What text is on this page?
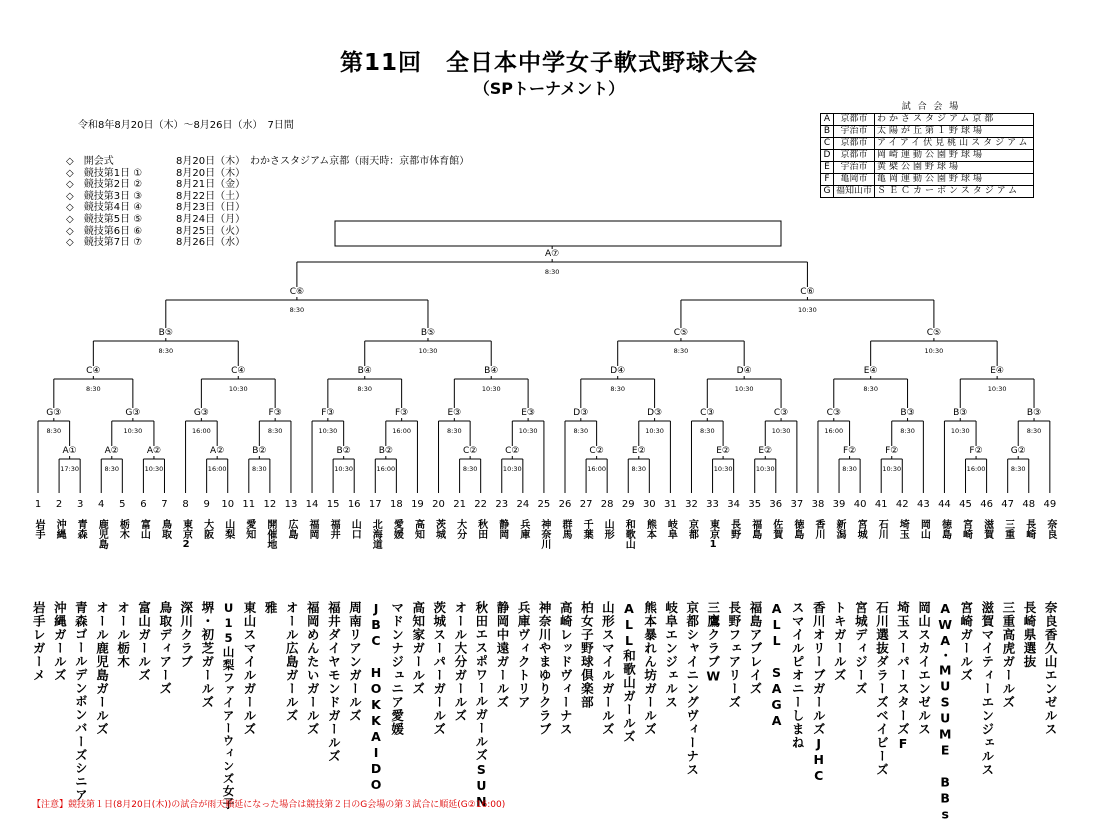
第11回　全日本中学女子軟式野球大会
（SPトーナメント）
令和8年8月20日（木）～8月26日（水）　7日間
◇　開会式	8月20日（木） わかさスタジアム京都（雨天時：京都市体育館）
◇　競技第1日 ①	8月20日（木）
◇　競技第2日 ②	8月21日（金）
◇　競技第3日 ③	8月22日（土）
◇　競技第4日 ④	8月23日（日）
◇　競技第5日 ⑤	8月24日（月）
◇　競技第6日 ⑥	8月25日（火）
◇　競技第7日 ⑦	8月26日（水）
試 合 会 場
A	京都市	わかさスタジアム京都
B	宇治市	太陽が丘第１野球場
C	京都市	アイアイ伏見桃山スタジアム
D	京都市	岡崎運動公園野球場
E	宇治市	黄檗公園野球場
F	亀岡市	亀岡運動公園野球場
G	福知山市	ＳＥＣカーボンスタジアム
A①
17:30
G③
8:30
A②
8:30
A②
10:30
G③
10:30
A②
16:00
G③
16:00
B②
8:30
F③
8:30
B②
10:30
F③
10:30
B②
16:00
F③
16:00
C②
8:30
E③
8:30
C②
10:30
E③
10:30
C②
16:00
D③
8:30
E②
8:30
D③
10:30
E②
10:30
C③
8:30
E②
10:30
C③
10:30
F②
8:30
C③
16:00
F②
10:30
B③
8:30
F②
16:00
B③
10:30
G②
8:30
B③
8:30
C④
8:30
C④
10:30
B④
8:30
B④
10:30
D④
8:30
D④
10:30
E④
8:30
E④
10:30
B⑤
8:30
B⑤
10:30
C⑤
8:30
C⑤
10:30
C⑥
8:30
C⑥
10:30
A⑦
8:30
1
岩手
岩手レガーメ
2
沖縄
沖縄ガールズ
3
青森
青森ゴールデンボンバーズシニア
4
鹿児島
オール鹿児島ガールズ
5
栃木
オール栃木
6
富山
富山ガールズ
7
鳥取
鳥取ディアーズ
8
東京2
深川クラブ
9
大阪
堺・初芝ガールズ
10
山梨
U15山梨ファイアーウィンズ女子
11
愛知
東山スマイルガールズ
12
開催地
雅
13
広島
オール広島ガールズ
14
福岡
福岡めんたいガールズ
15
福井
福井ダイヤモンドガールズ
16
山口
周南リアンガールズ
17
北海道
JBC HOKKAIDO
18
愛媛
マドンナジュニア愛媛
19
高知
高知家ガールズ
20
茨城
茨城スーパーガールズ
21
大分
オール大分ガールズ
22
秋田
秋田エスポワールガールズSUN
23
静岡
静岡中遠ガールズ
24
兵庫
兵庫ヴィクトリア
25
神奈川
神奈川やまゆりクラブ
26
群馬
高崎レッドヴィーナス
27
千葉
柏女子野球倶楽部
28
山形
山形スマイルガールズ
29
和歌山
ALL和歌山ガールズ
30
熊本
熊本暴れん坊ガールズ
31
岐阜
岐阜エンジェルス
32
京都
京都シャイニングヴィーナス
33
東京1
三鷹クラブW
34
長野
長野フェアリーズ
35
福島
福島アブレイズ
36
佐賀
ALL SAGA
37
徳島
スマイルピオニーしまね
38
香川
香川オリーブガールズJHC
39
新潟
トキガールズ
40
宮城
宮城ディジーズ
41
石川
石川選抜ダラーズベイビーズ
42
埼玉
埼玉スーパースターズF
43
岡山
岡山スカイエンゼルス
44
徳島
AWA・MUSUME BBs
45
宮崎
宮崎ガールズ
46
滋賀
滋賀マイティーエンジェルス
47
三重
三重高虎ガールズ
48
長崎
長崎県選抜
49
奈良
奈良香久山エンゼルス
【注意】競技第１日(8月20日(木))の試合が雨天順延になった場合は競技第２日のG会場の第３試合に順延(G②16:00)
